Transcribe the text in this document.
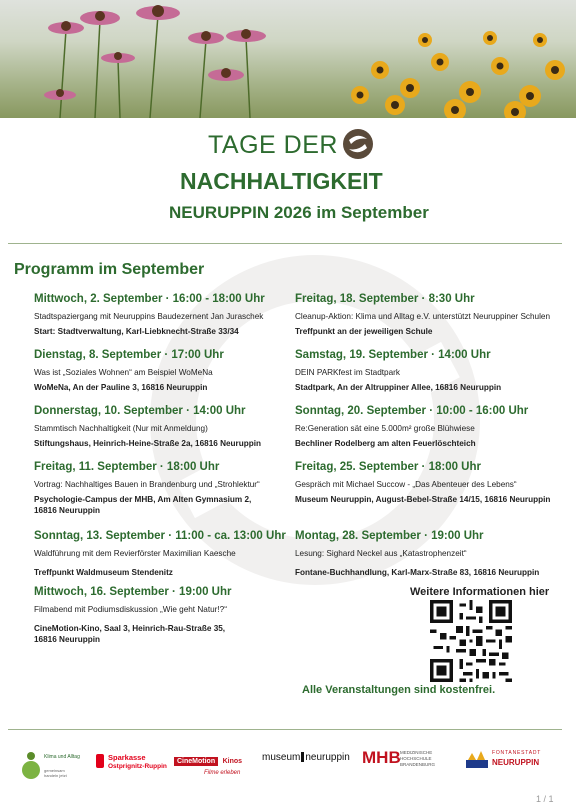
TAGE DER
NACHHALTIGKEIT
NEURUPPIN 2026 im September
Programm im September
Mittwoch, 2. September · 16:00 - 18:00 Uhr
Stadtspaziergang mit Neuruppins Baudezernent Jan Juraschek
Start: Stadtverwaltung, Karl-Liebknecht-Straße 33/34
Dienstag, 8. September · 17:00 Uhr
Was ist „Soziales Wohnen“ am Beispiel WoMeNa
WoMeNa, An der Pauline 3, 16816 Neuruppin
Donnerstag, 10. September · 14:00 Uhr
Stammtisch Nachhaltigkeit (Nur mit Anmeldung)
Stiftungshaus, Heinrich-Heine-Straße 2a, 16816 Neuruppin
Freitag, 11. September · 18:00 Uhr
Vortrag: Nachhaltiges Bauen in Brandenburg und „Strohlektur“
Psychologie-Campus der MHB, Am Alten Gymnasium 2, 16816 Neuruppin
Sonntag, 13. September · 11:00 - ca. 13:00 Uhr
Waldführung mit dem Revierförster Maximilian Kaesche
Treffpunkt Waldmuseum Stendenitz
Mittwoch, 16. September · 19:00 Uhr
Filmabend mit Podiumsdiskussion „Wie geht Natur!?“
CineMotion-Kino, Saal 3, Heinrich-Rau-Straße 35, 16816 Neuruppin
Freitag, 18. September · 8:30 Uhr
Cleanup-Aktion: Klima und Alltag e.V. unterstützt Neuruppiner Schulen
Treffpunkt an der jeweiligen Schule
Samstag, 19. September · 14:00 Uhr
DEIN PARKfest im Stadtpark
Stadtpark, An der Altruppiner Allee, 16816 Neuruppin
Sonntag, 20. September · 10:00 - 16:00 Uhr
Re:Generation sät eine 5.000m² große Blühwiese
Bechliner Rodelberg am alten Feuerlöschteich
Freitag, 25. September · 18:00 Uhr
Gespräch mit Michael Succow - „Das Abenteuer des Lebens“
Museum Neuruppin, August-Bebel-Straße 14/15, 16816 Neuruppin
Montag, 28. September · 19:00 Uhr
Lesung: Sighard Neckel aus „Katastrophenzeit“
Fontane-Buchhandlung, Karl-Marx-Straße 83, 16816 Neuruppin
Weitere Informationen hier
Alle Veranstaltungen sind kostenfrei.
Klima und Alltag
gemeinsam handeln jetzt
Sparkasse
Ostprignitz-Ruppin
CineMotion Kinos
Filme erleben
museum neuruppin MHB MEDIZINISCHE
HOCHSCHULE
BRANDENBURG
FONTANESTADT
NEURUPPIN
1 / 1
